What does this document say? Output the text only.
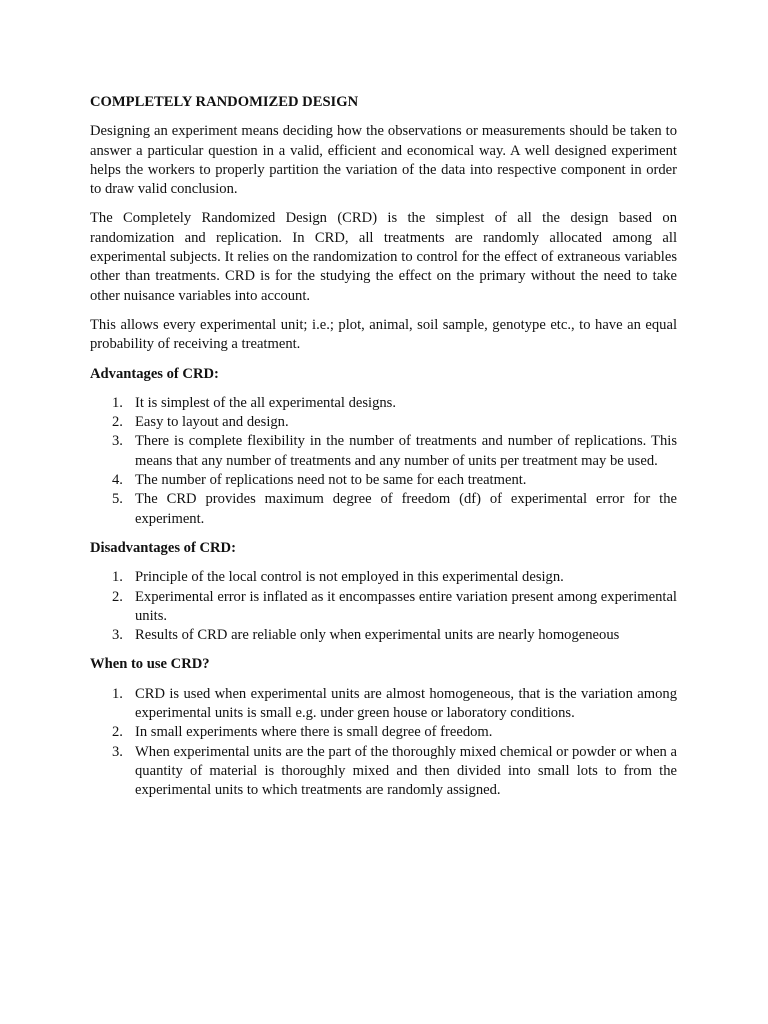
COMPLETELY RANDOMIZED DESIGN

Designing an experiment means deciding how the observations or measurements should be taken to answer a particular question in a valid, efficient and economical way. A well designed experiment helps the workers to properly partition the variation of the data into respective component in order to draw valid conclusion.

The Completely Randomized Design (CRD) is the simplest of all the design based on randomization and replication. In CRD, all treatments are randomly allocated among all experimental subjects. It relies on the randomization to control for the effect of extraneous variables other than treatments. CRD is for the studying the effect on the primary without the need to take other nuisance variables into account.

This allows every experimental unit; i.e.; plot, animal, soil sample, genotype etc., to have an equal probability of receiving a treatment.

Advantages of CRD:
1. It is simplest of the all experimental designs.
2. Easy to layout and design.
3. There is complete flexibility in the number of treatments and number of replications. This means that any number of treatments and any number of units per treatment may be used.
4. The number of replications need not to be same for each treatment.
5. The CRD provides maximum degree of freedom (df) of experimental error for the experiment.
Disadvantages of CRD:
1. Principle of the local control is not employed in this experimental design.
2. Experimental error is inflated as it encompasses entire variation present among experimental units.
3. Results of CRD are reliable only when experimental units are nearly homogeneous
When to use CRD?
1. CRD is used when experimental units are almost homogeneous, that is the variation among experimental units is small e.g. under green house or laboratory conditions.
2. In small experiments where there is small degree of freedom.
3. When experimental units are the part of the thoroughly mixed chemical or powder or when a quantity of material is thoroughly mixed and then divided into small lots to from the experimental units to which treatments are randomly assigned.
